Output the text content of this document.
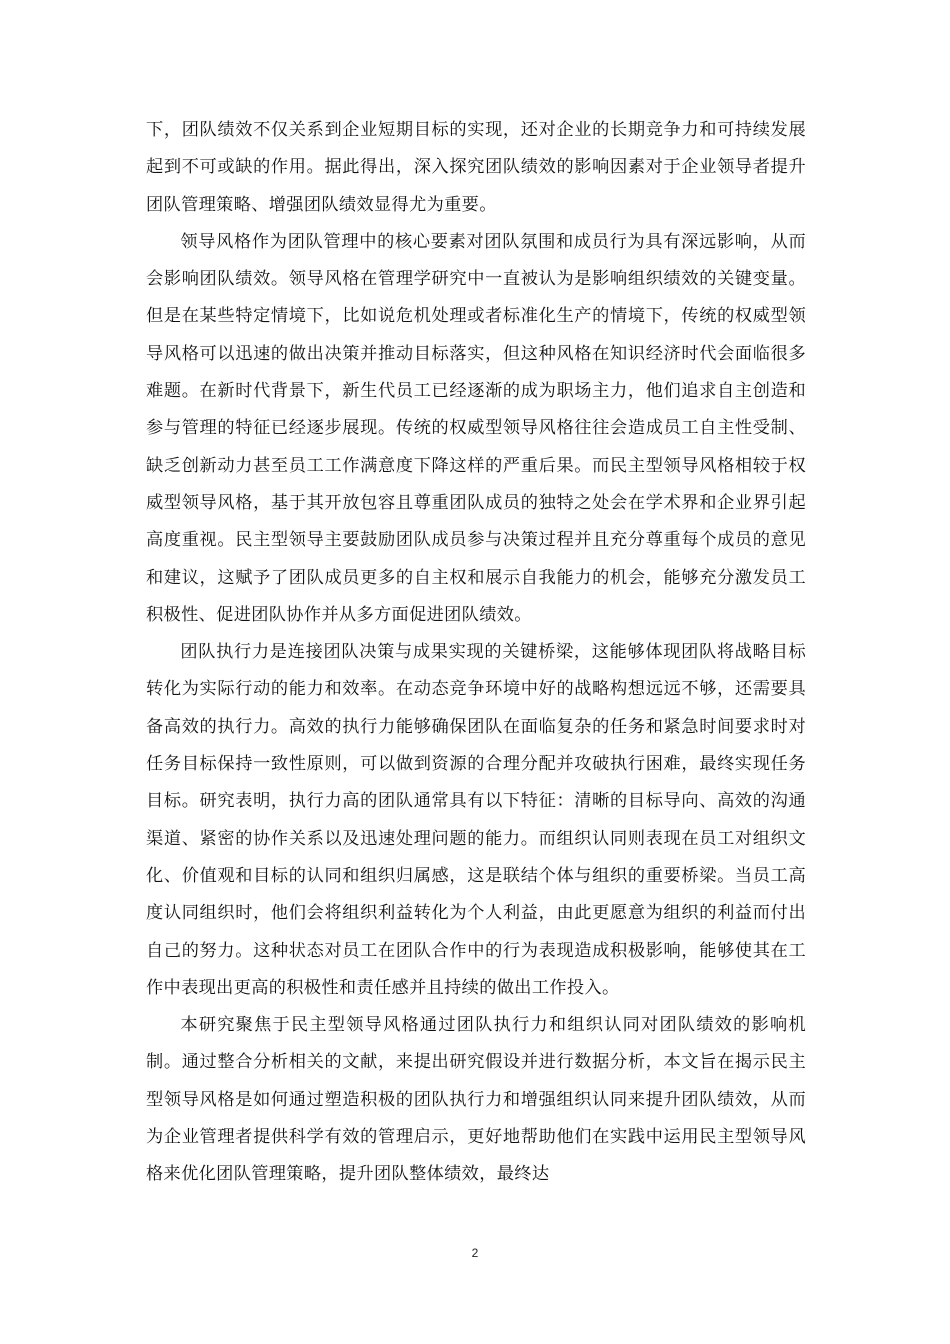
下，团队绩效不仅关系到企业短期目标的实现，还对企业的长期竞争力和可持续发展起到不可或缺的作用。据此得出，深入探究团队绩效的影响因素对于企业领导者提升团队管理策略、增强团队绩效显得尤为重要。

领导风格作为团队管理中的核心要素对团队氛围和成员行为具有深远影响，从而会影响团队绩效。领导风格在管理学研究中一直被认为是影响组织绩效的关键变量。但是在某些特定情境下，比如说危机处理或者标准化生产的情境下，传统的权威型领导风格可以迅速的做出决策并推动目标落实，但这种风格在知识经济时代会面临很多难题。在新时代背景下，新生代员工已经逐渐的成为职场主力，他们追求自主创造和参与管理的特征已经逐步展现。传统的权威型领导风格往往会造成员工自主性受制、缺乏创新动力甚至员工工作满意度下降这样的严重后果。而民主型领导风格相较于权威型领导风格，基于其开放包容且尊重团队成员的独特之处会在学术界和企业界引起高度重视。民主型领导主要鼓励团队成员参与决策过程并且充分尊重每个成员的意见和建议，这赋予了团队成员更多的自主权和展示自我能力的机会，能够充分激发员工积极性、促进团队协作并从多方面促进团队绩效。

团队执行力是连接团队决策与成果实现的关键桥梁，这能够体现团队将战略目标转化为实际行动的能力和效率。在动态竞争环境中好的战略构想远远不够，还需要具备高效的执行力。高效的执行力能够确保团队在面临复杂的任务和紧急时间要求时对任务目标保持一致性原则，可以做到资源的合理分配并攻破执行困难，最终实现任务目标。研究表明，执行力高的团队通常具有以下特征：清晰的目标导向、高效的沟通渠道、紧密的协作关系以及迅速处理问题的能力。而组织认同则表现在员工对组织文化、价值观和目标的认同和组织归属感，这是联结个体与组织的重要桥梁。当员工高度认同组织时，他们会将组织利益转化为个人利益，由此更愿意为组织的利益而付出自己的努力。这种状态对员工在团队合作中的行为表现造成积极影响，能够使其在工作中表现出更高的积极性和责任感并且持续的做出工作投入。

本研究聚焦于民主型领导风格通过团队执行力和组织认同对团队绩效的影响机制。通过整合分析相关的文献，来提出研究假设并进行数据分析，本文旨在揭示民主型领导风格是如何通过塑造积极的团队执行力和增强组织认同来提升团队绩效，从而为企业管理者提供科学有效的管理启示，更好地帮助他们在实践中运用民主型领导风格来优化团队管理策略，提升团队整体绩效，最终达

2
